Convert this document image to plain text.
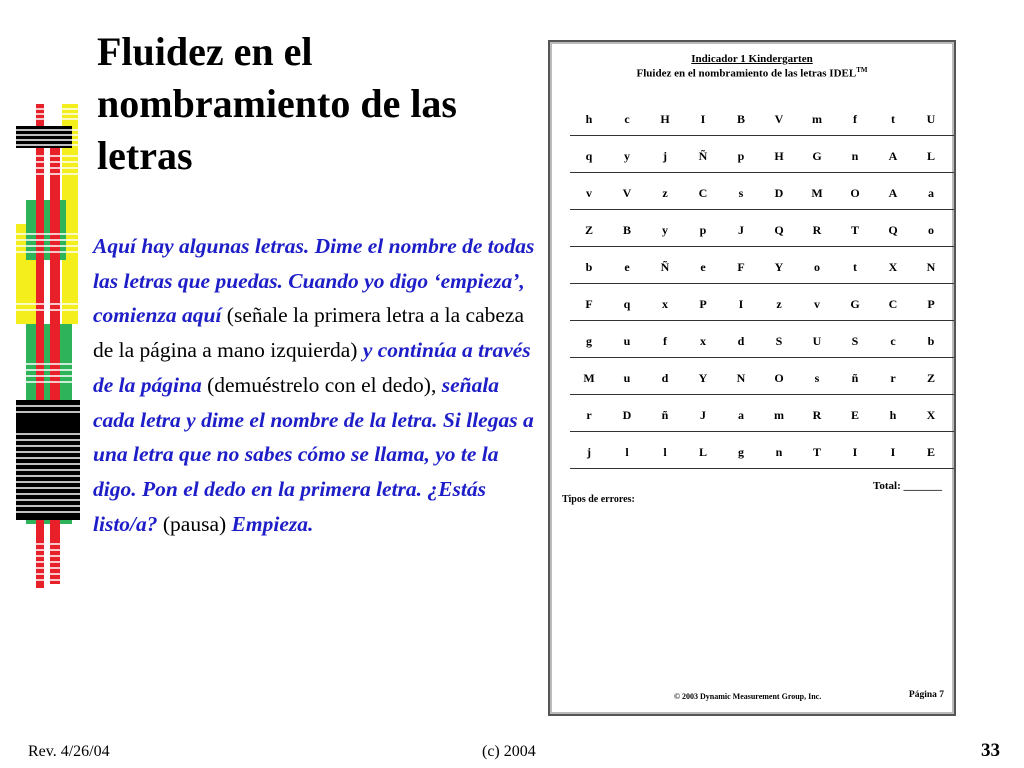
Fluidez en el nombramiento de las letras
Aquí hay algunas letras. Dime el nombre de todas las letras que puedas. Cuando yo digo ‘empieza’, comienza aquí (señale la primera letra a la cabeza de la página a mano izquierda) y continúa a través de la página (demuéstrelo con el dedo), señala cada letra y dime el nombre de la letra. Si llegas a una letra que no sabes cómo se llama, yo te la digo. Pon el dedo en la primera letra. ¿Estás listo/a? (pausa) Empieza.
Indicador 1 Kindergarten
Fluidez en el nombramiento de las letras IDEL™
h	c	H	I	B	V	m	f	t	U
q	y	j	Ñ	p	H	G	n	A	L
v	V	z	C	s	D	M	O	A	a
Z	B	y	p	J	Q	R	T	Q	o
b	e	Ñ	e	F	Y	o	t	X	N
F	q	x	P	I	z	v	G	C	P
g	u	f	x	d	S	U	S	c	b
M	u	d	Y	N	O	s	ñ	r	Z
r	D	ñ	J	a	m	R	E	h	X
j	l	l	L	g	n	T	I	I	E
Total: _______
Tipos de errores:
© 2003 Dynamic Measurement Group, Inc.	Página 7
Rev. 4/26/04	(c) 2004	33
